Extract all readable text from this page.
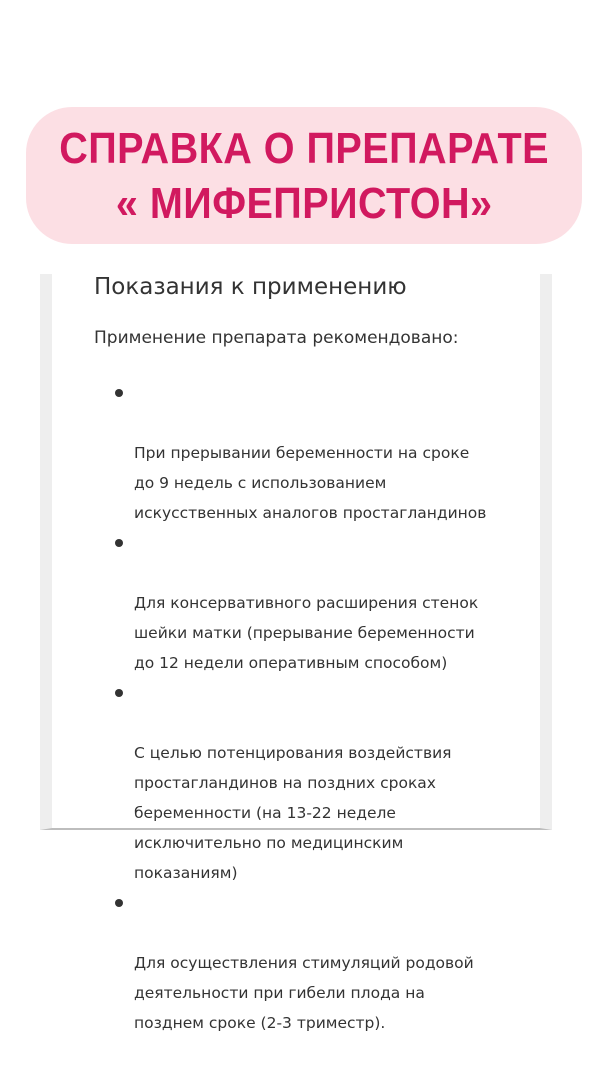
СПРАВКА О ПРЕПАРАТЕ
« МИФЕПРИСТОН»
Показания к применению

Применение препарата рекомендовано:

При прерывании беременности на сроке
до 9 недель с использованием
искусственных аналогов простагландинов

Для консервативного расширения стенок
шейки матки (прерывание беременности
до 12 недели оперативным способом)

С целью потенцирования воздействия
простагландинов на поздних сроках
беременности (на 13-22 неделе
исключительно по медицинским
показаниям)

Для осуществления стимуляций родовой
деятельности при гибели плода на
позднем сроке (2-3 триместр).
